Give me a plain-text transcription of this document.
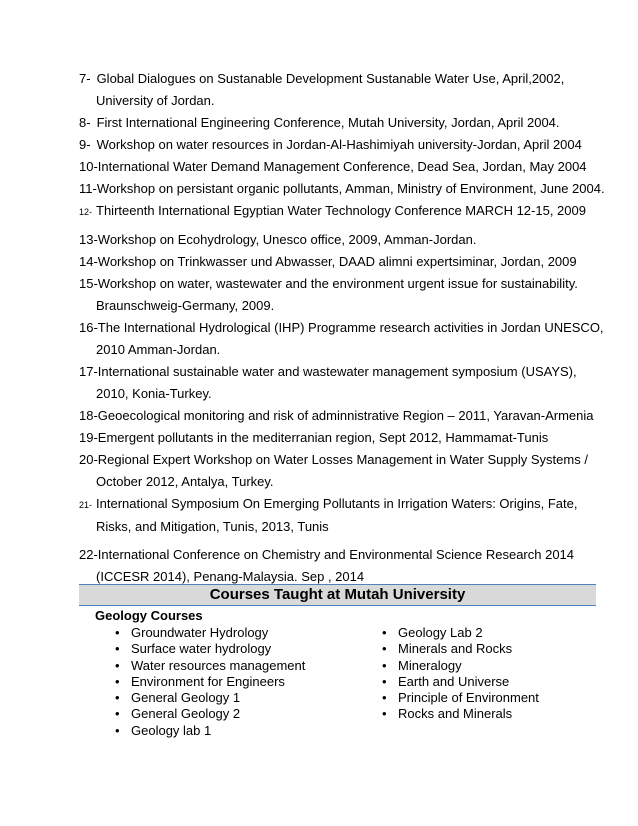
7- Global Dialogues on Sustanable Development Sustanable Water Use, April,2002,
University of Jordan.
8- First International Engineering Conference, Mutah University, Jordan, April 2004.
9- Workshop on water resources in Jordan-Al-Hashimiyah university-Jordan, April 2004
10-International Water Demand Management Conference, Dead Sea, Jordan, May 2004
11-Workshop on persistant organic pollutants, Amman, Ministry of Environment, June 2004.
12- Thirteenth International Egyptian Water Technology Conference MARCH 12-15, 2009
13-Workshop on Ecohydrology, Unesco office, 2009, Amman-Jordan.
14-Workshop on Trinkwasser und Abwasser, DAAD alimni expertsiminar, Jordan, 2009
15-Workshop on water, wastewater and the environment urgent issue for sustainability.
Braunschweig-Germany, 2009.
16-The International Hydrological (IHP) Programme research activities in Jordan UNESCO,
2010 Amman-Jordan.
17-International sustainable water and wastewater management symposium (USAYS),
2010, Konia-Turkey.
18-Geoecological monitoring and risk of adminnistrative Region – 2011, Yaravan-Armenia
19-Emergent pollutants in the mediterranian region, Sept 2012, Hammamat-Tunis
20-Regional Expert Workshop on Water Losses Management in Water Supply Systems /
October 2012, Antalya, Turkey.
21- International Symposium On Emerging Pollutants in Irrigation Waters: Origins, Fate,
Risks, and Mitigation, Tunis, 2013, Tunis
22-International Conference on Chemistry and Environmental Science Research 2014
(ICCESR 2014), Penang-Malaysia. Sep , 2014
Courses Taught at Mutah University
Geology Courses
• Groundwater Hydrology
• Surface water hydrology
• Water resources management
• Environment for Engineers
• General Geology 1
• General Geology 2
• Geology lab 1
• Geology Lab 2
• Minerals and Rocks
• Mineralogy
• Earth and Universe
• Principle of Environment
• Rocks and Minerals
